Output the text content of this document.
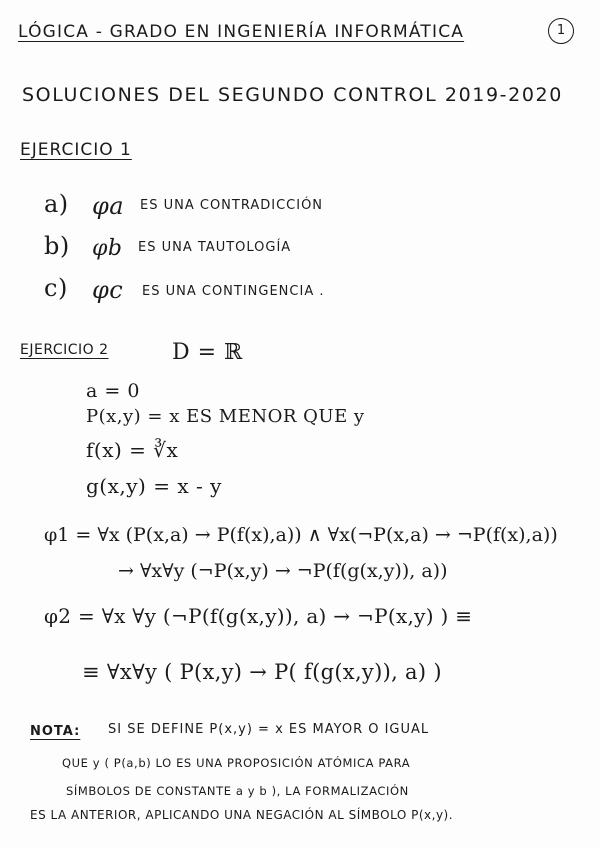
LÓGICA - GRADO EN INGENIERÍA INFORMÁTICA	1
SOLUCIONES DEL SEGUNDO CONTROL 2019-2020
EJERCICIO 1
a) φa ES UNA CONTRADICCIÓN
b) φb ES UNA TAUTOLOGÍA
c) φc ES UNA CONTINGENCIA .
EJERCICIO 2	D = ℝ
a = 0
P(x,y) = x ES MENOR QUE y
f(x) = ∛x
g(x,y) = x - y
φ1 = ∀x (P(x,a) → P(f(x),a)) ∧ ∀x(¬P(x,a) → ¬P(f(x),a))
→ ∀x∀y (¬P(x,y) → ¬P(f(g(x,y)), a))
φ2 = ∀x ∀y (¬P(f(g(x,y)), a) → ¬P(x,y) ) ≡
≡ ∀x∀y ( P(x,y) → P( f(g(x,y)), a) )
NOTA: SI SE DEFINE P(x,y) = x ES MAYOR O IGUAL
QUE y ( P(a,b) LO ES UNA PROPOSICIÓN ATÓMICA PARA
SÍMBOLOS DE CONSTANTE a y b ), LA FORMALIZACIÓN
ES LA ANTERIOR, APLICANDO UNA NEGACIÓN AL SÍMBOLO P(x,y).
